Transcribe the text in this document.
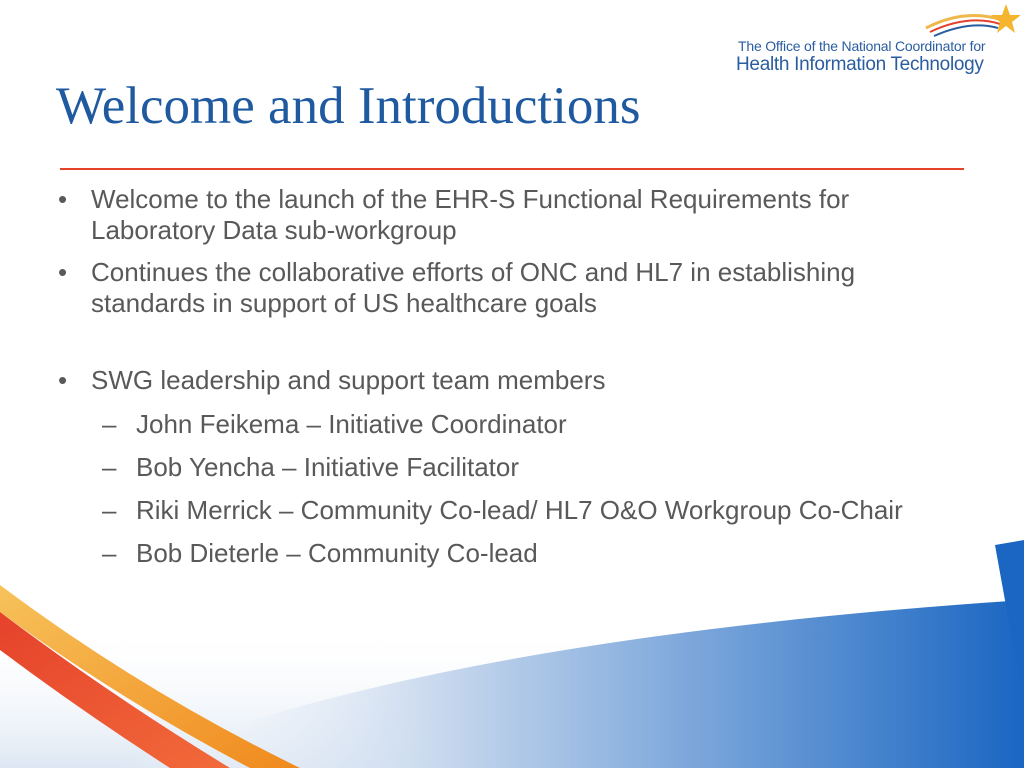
The Office of the National Coordinator for
Health Information Technology
Welcome and Introductions
• Welcome to the launch of the EHR-S Functional Requirements for Laboratory Data sub-workgroup
• Continues the collaborative efforts of ONC and HL7 in establishing standards in support of US healthcare goals
• SWG leadership and support team members
– John Feikema – Initiative Coordinator
– Bob Yencha – Initiative Facilitator
– Riki Merrick – Community Co-lead/ HL7 O&O Workgroup Co-Chair
– Bob Dieterle – Community Co-lead
